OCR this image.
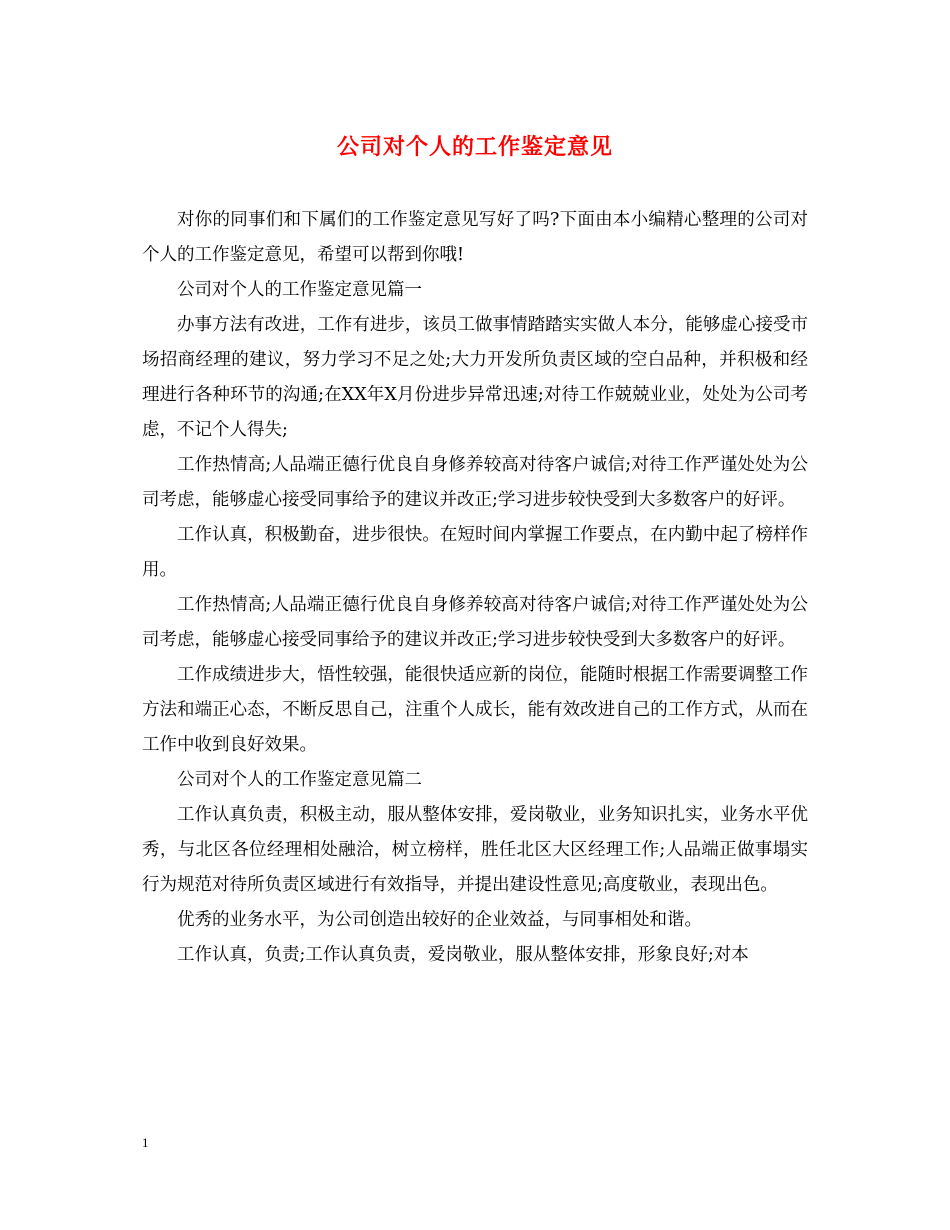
公司对个人的工作鉴定意见

对你的同事们和下属们的工作鉴定意见写好了吗?下面由本小编精心整理的公司对个人的工作鉴定意见，希望可以帮到你哦!

公司对个人的工作鉴定意见篇一

办事方法有改进，工作有进步，该员工做事情踏踏实实做人本分，能够虚心接受市场招商经理的建议，努力学习不足之处;大力开发所负责区域的空白品种，并积极和经理进行各种环节的沟通;在XX年X月份进步异常迅速;对待工作兢兢业业，处处为公司考虑，不记个人得失;

工作热情高;人品端正德行优良自身修养较高对待客户诚信;对待工作严谨处处为公司考虑，能够虚心接受同事给予的建议并改正;学习进步较快受到大多数客户的好评。

工作认真，积极勤奋，进步很快。在短时间内掌握工作要点，在内勤中起了榜样作用。

工作热情高;人品端正德行优良自身修养较高对待客户诚信;对待工作严谨处处为公司考虑，能够虚心接受同事给予的建议并改正;学习进步较快受到大多数客户的好评。

工作成绩进步大，悟性较强，能很快适应新的岗位，能随时根据工作需要调整工作方法和端正心态，不断反思自己，注重个人成长，能有效改进自己的工作方式，从而在工作中收到良好效果。

公司对个人的工作鉴定意见篇二

工作认真负责，积极主动，服从整体安排，爱岗敬业，业务知识扎实，业务水平优秀，与北区各位经理相处融洽，树立榜样，胜任北区大区经理工作;人品端正做事塌实行为规范对待所负责区域进行有效指导，并提出建设性意见;高度敬业，表现出色。

优秀的业务水平，为公司创造出较好的企业效益，与同事相处和谐。

工作认真，负责;工作认真负责，爱岗敬业，服从整体安排，形象良好;对本

1
